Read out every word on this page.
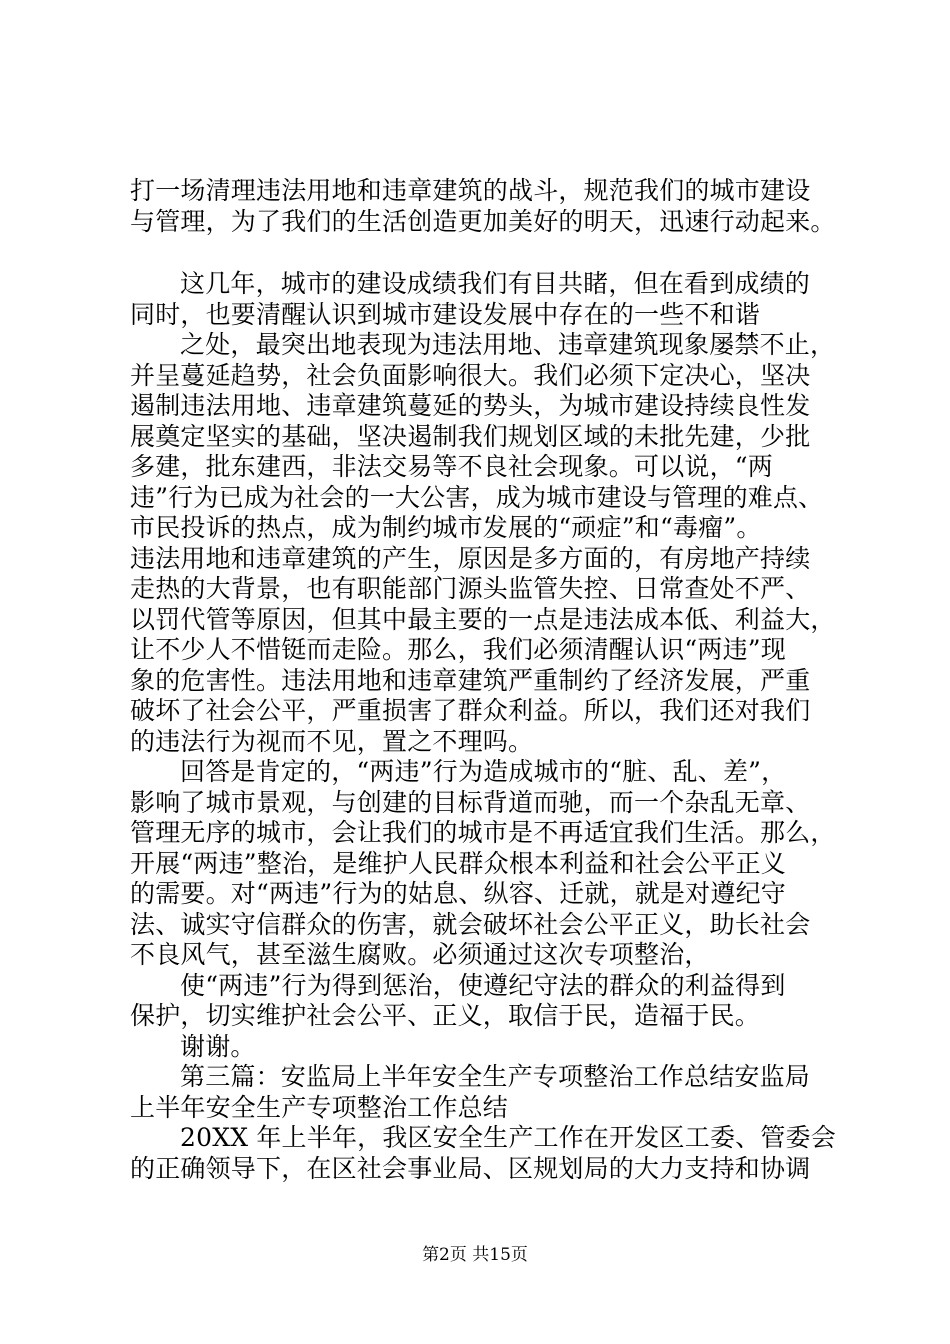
打一场清理违法用地和违章建筑的战斗，规范我们的城市建设
与管理，为了我们的生活创造更加美好的明天，迅速行动起来。
这几年，城市的建设成绩我们有目共睹，但在看到成绩的
同时，也要清醒认识到城市建设发展中存在的一些不和谐
之处，最突出地表现为违法用地、违章建筑现象屡禁不止，
并呈蔓延趋势，社会负面影响很大。我们必须下定决心，坚决
遏制违法用地、违章建筑蔓延的势头，为城市建设持续良性发
展奠定坚实的基础，坚决遏制我们规划区域的未批先建，少批
多建，批东建西，非法交易等不良社会现象。可以说，“两
违”行为已成为社会的一大公害，成为城市建设与管理的难点、
市民投诉的热点，成为制约城市发展的“顽症”和“毒瘤”。
违法用地和违章建筑的产生，原因是多方面的，有房地产持续
走热的大背景，也有职能部门源头监管失控、日常查处不严、
以罚代管等原因，但其中最主要的一点是违法成本低、利益大，
让不少人不惜铤而走险。那么，我们必须清醒认识“两违”现
象的危害性。违法用地和违章建筑严重制约了经济发展，严重
破坏了社会公平，严重损害了群众利益。所以，我们还对我们
的违法行为视而不见，置之不理吗。
回答是肯定的，“两违”行为造成城市的“脏、乱、差”，
影响了城市景观，与创建的目标背道而驰，而一个杂乱无章、
管理无序的城市，会让我们的城市是不再适宜我们生活。那么，
开展“两违”整治，是维护人民群众根本利益和社会公平正义
的需要。对“两违”行为的姑息、纵容、迁就，就是对遵纪守
法、诚实守信群众的伤害，就会破坏社会公平正义，助长社会
不良风气，甚至滋生腐败。必须通过这次专项整治，
使“两违”行为得到惩治，使遵纪守法的群众的利益得到
保护，切实维护社会公平、正义，取信于民，造福于民。
谢谢。
第三篇：安监局上半年安全生产专项整治工作总结安监局
上半年安全生产专项整治工作总结
20XX 年上半年，我区安全生产工作在开发区工委、管委会
的正确领导下，在区社会事业局、区规划局的大力支持和协调
第2页 共15页
